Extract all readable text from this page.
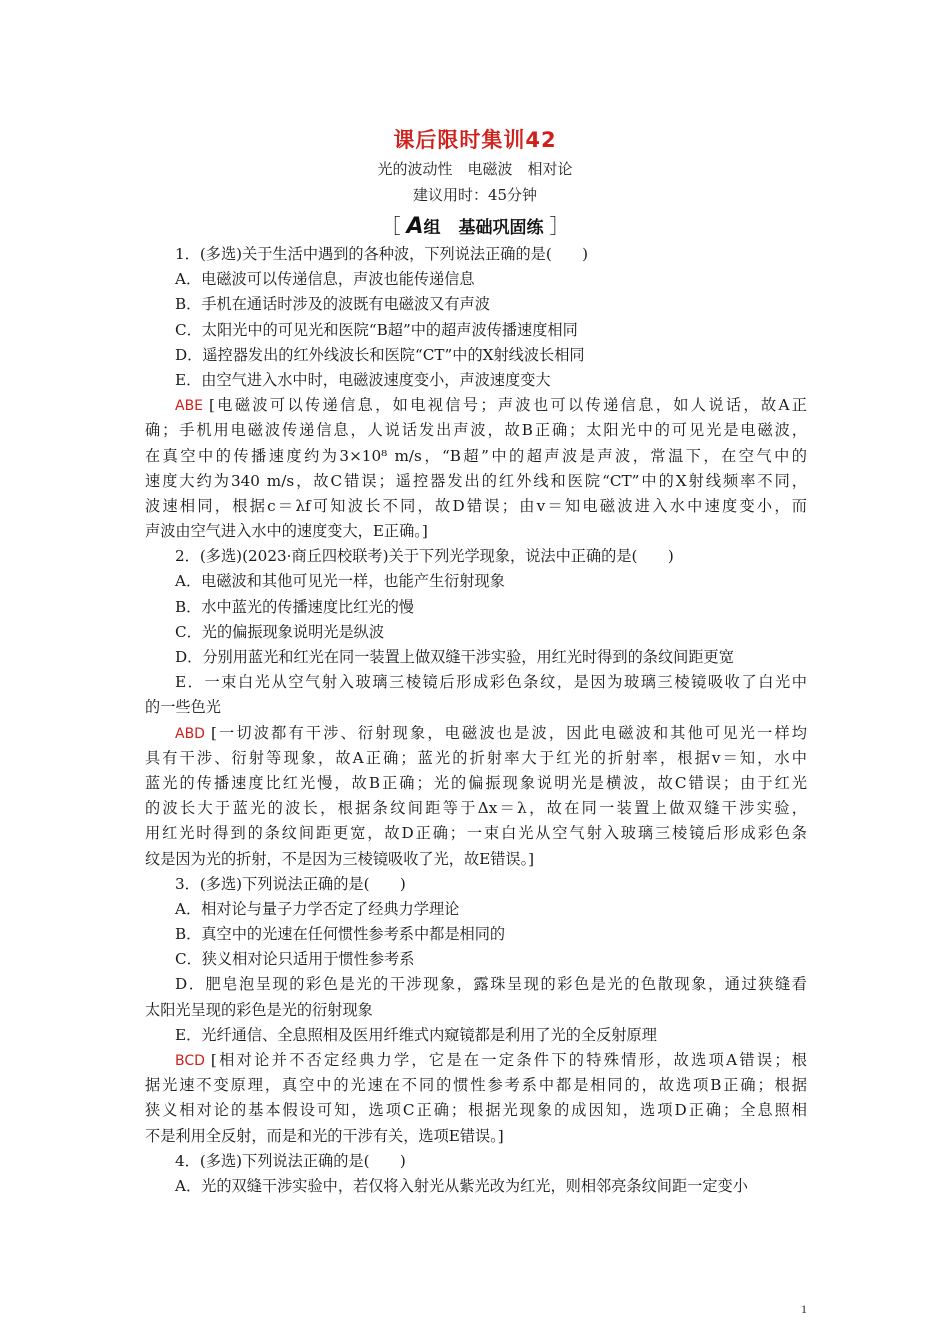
课后限时集训42
光的波动性　电磁波　相对论
建议用时：45分钟
［ A组 基础巩固练 ］
1．(多选)关于生活中遇到的各种波，下列说法正确的是(　　)
A．电磁波可以传递信息，声波也能传递信息
B．手机在通话时涉及的波既有电磁波又有声波
C．太阳光中的可见光和医院“B超”中的超声波传播速度相同
D．遥控器发出的红外线波长和医院“CT”中的X射线波长相同
E．由空气进入水中时，电磁波速度变小，声波速度变大
ABE [电磁波可以传递信息，如电视信号；声波也可以传递信息，如人说话，故A正
确；手机用电磁波传递信息，人说话发出声波，故B正确；太阳光中的可见光是电磁波，
在真空中的传播速度约为3×10⁸ m/s，“B超”中的超声波是声波，常温下，在空气中的
速度大约为340 m/s，故C错误；遥控器发出的红外线和医院“CT”中的X射线频率不同，
波速相同，根据c＝λf可知波长不同，故D错误；由v＝知电磁波进入水中速度变小，而
声波由空气进入水中的速度变大，E正确。]
2．(多选)(2023·商丘四校联考)关于下列光学现象，说法中正确的是(　　)
A．电磁波和其他可见光一样，也能产生衍射现象
B．水中蓝光的传播速度比红光的慢
C．光的偏振现象说明光是纵波
D．分别用蓝光和红光在同一装置上做双缝干涉实验，用红光时得到的条纹间距更宽
E．一束白光从空气射入玻璃三棱镜后形成彩色条纹，是因为玻璃三棱镜吸收了白光中
的一些色光
ABD [一切波都有干涉、衍射现象，电磁波也是波，因此电磁波和其他可见光一样均
具有干涉、衍射等现象，故A正确；蓝光的折射率大于红光的折射率，根据v＝知，水中
蓝光的传播速度比红光慢，故B正确；光的偏振现象说明光是横波，故C错误；由于红光
的波长大于蓝光的波长，根据条纹间距等于Δx＝λ，故在同一装置上做双缝干涉实验，
用红光时得到的条纹间距更宽，故D正确；一束白光从空气射入玻璃三棱镜后形成彩色条
纹是因为光的折射，不是因为三棱镜吸收了光，故E错误。]
3．(多选)下列说法正确的是(　　)
A．相对论与量子力学否定了经典力学理论
B．真空中的光速在任何惯性参考系中都是相同的
C．狭义相对论只适用于惯性参考系
D．肥皂泡呈现的彩色是光的干涉现象，露珠呈现的彩色是光的色散现象，通过狭缝看
太阳光呈现的彩色是光的衍射现象
E．光纤通信、全息照相及医用纤维式内窥镜都是利用了光的全反射原理
BCD [相对论并不否定经典力学，它是在一定条件下的特殊情形，故选项A错误；根
据光速不变原理，真空中的光速在不同的惯性参考系中都是相同的，故选项B正确；根据
狭义相对论的基本假设可知，选项C正确；根据光现象的成因知，选项D正确；全息照相
不是利用全反射，而是和光的干涉有关，选项E错误。]
4．(多选)下列说法正确的是(　　)
A．光的双缝干涉实验中，若仅将入射光从紫光改为红光，则相邻亮条纹间距一定变小
1
